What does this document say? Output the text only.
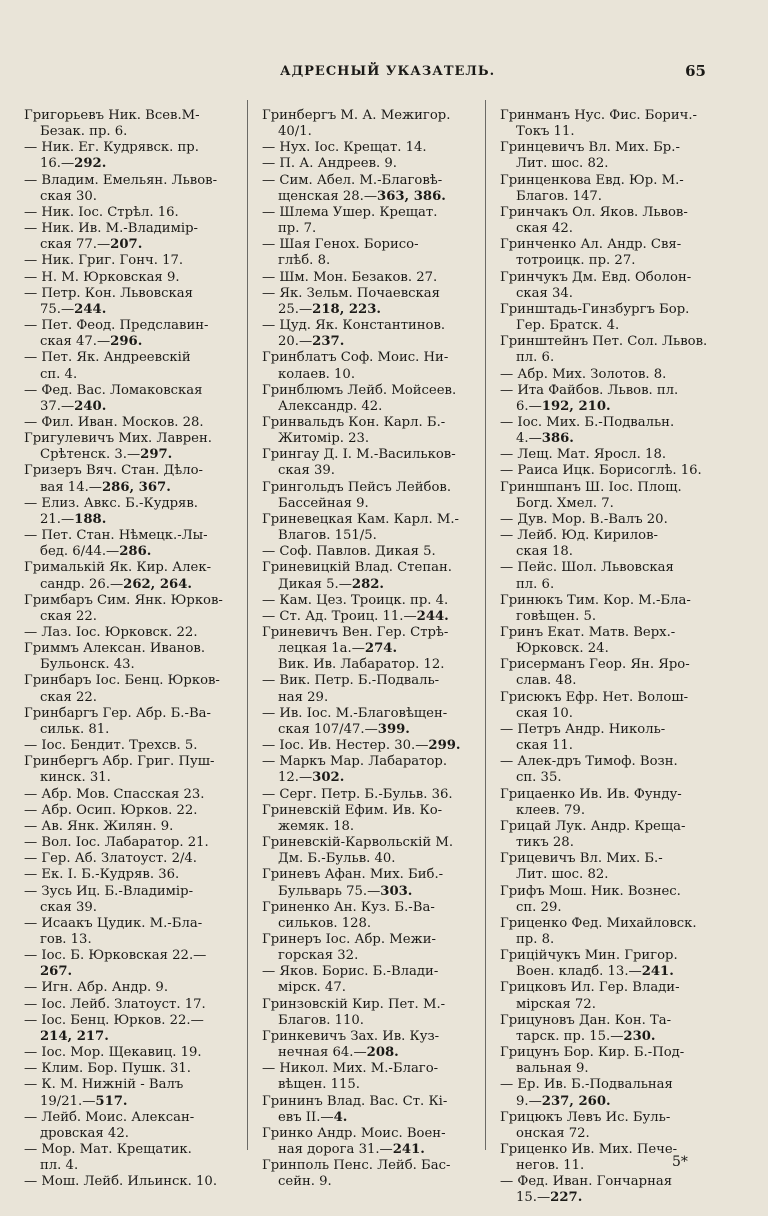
АДРЕСНЫЙ УКАЗАТЕЛЬ.	65
Григорьевъ Ник. Всев.М-
Безак. пр. 6.
— Ник. Ег. Кудрявск. пр.
16.—292.
— Владим. Емельян. Львов-
ская 30.
— Ник. Іос. Стрѣл. 16.
— Ник. Ив. М.-Владимір-
ская 77.—207.
— Ник. Григ. Гонч. 17.
— Н. М. Юрковская 9.
— Петр. Кон. Львовская
75.—244.
— Пет. Феод. Предславин-
ская 47.—296.
— Пет. Як. Андреевскій
сп. 4.
— Фед. Вас. Ломаковская
37.—240.
— Фил. Иван. Москов. 28.
Григулевичъ Мих. Лаврен.
Срѣтенск. 3.—297.
Гризеръ Вяч. Стан. Дѣло-
вая 14.—286, 367.
— Елиз. Авкс. Б.-Кудряв.
21.—188.
— Пет. Стан. Нѣмецк.-Лы-
бед. 6/44.—286.
Грималькій Як. Кир. Алек-
сандр. 26.—262, 264.
Гримбаръ Сим. Янк. Юрков-
ская 22.
— Лаз. Іос. Юрковск. 22.
Гриммъ Алексан. Иванов.
Бульонск. 43.
Гринбаръ Іос. Бенц. Юрков-
ская 22.
Гринбаргъ Гер. Абр. Б.-Ва-
сильк. 81.
— Іос. Бендит. Трехсв. 5.
Гринбергъ Абр. Григ. Пуш-
кинск. 31.
— Абр. Мов. Спасская 23.
— Абр. Осип. Юрков. 22.
— Ав. Янк. Жилян. 9.
— Вол. Іос. Лабаратор. 21.
— Гер. Аб. Златоуст. 2/4.
— Ек. І. Б.-Кудряв. 36.
— Зусь Иц. Б.-Владимір-
ская 39.
— Исаакъ Цудик. М.-Бла-
гов. 13.
— Іос. Б. Юрковская 22.—
267.
— Игн. Абр. Андр. 9.
— Іос. Лейб. Златоуст. 17.
— Іос. Бенц. Юрков. 22.—
214, 217.
— Іос. Мор. Щекавиц. 19.
— Клим. Бор. Пушк. 31.
— К. М. Нижній - Валъ
19/21.—517.
— Лейб. Моис. Алексан-
дровская 42.
— Мор. Мат. Крещатик.
пл. 4.
— Мош. Лейб. Ильинск. 10.
Гринбергъ М. А. Межигор.
40/1.
— Нух. Іос. Крещат. 14.
— П. А. Андреев. 9.
— Сим. Абел. М.-Благовѣ-
щенская 28.—363, 386.
— Шлема Ушер. Крещат.
пр. 7.
— Шая Генох. Борисо-
глѣб. 8.
— Шм. Мон. Безаков. 27.
— Як. Зельм. Почаевская
25.—218, 223.
— Цуд. Як. Константинов.
20.—237.
Гринблатъ Соф. Моис. Ни-
колаев. 10.
Гринблюмъ Лейб. Мойсеев.
Александр. 42.
Гринвальдъ Кон. Карл. Б.-
Житомір. 23.
Грингау Д. І. М.-Васильков-
ская 39.
Грингольдъ Пейсъ Лейбов.
Бассейная 9.
Гриневецкая Кам. Карл. М.-
Влагов. 151/5.
— Соф. Павлов. Дикая 5.
Гриневицкій Влад. Степан.
Дикая 5.—282.
— Кам. Цез. Троицк. пр. 4.
— Ст. Ад. Троиц. 11.—244.
Гриневичъ Вен. Гер. Стрѣ-
лецкая 1а.—274.
Вик. Ив. Лабаратор. 12.
— Вик. Петр. Б.-Подваль-
ная 29.
— Ив. Іос. М.-Благовѣщен-
ская 107/47.—399.
— Іос. Ив. Нестер. 30.—299.
— Маркъ Мар. Лабаратор.
12.—302.
— Серг. Петр. Б.-Бульв. 36.
Гриневскій Ефим. Ив. Ко-
жемяк. 18.
Гриневскій-Карвольскій М.
Дм. Б.-Бульв. 40.
Гриневъ Афан. Мих. Биб.-
Бульварь 75.—303.
Гриненко Ан. Куз. Б.-Ва-
сильков. 128.
Гринеръ Іос. Абр. Межи-
горская 32.
— Яков. Борис. Б.-Влади-
мірск. 47.
Гринзовскій Кир. Пет. М.-
Благов. 110.
Гринкевичъ Зах. Ив. Куз-
нечная 64.—208.
— Никол. Мих. М.-Благо-
вѣщен. 115.
Грининъ Влад. Вас. Ст. Кі-
евъ II.—4.
Гринко Андр. Моис. Воен-
ная дорога 31.—241.
Гринполь Пенс. Лейб. Бас-
сейн. 9.
Гринманъ Нус. Фис. Борич.-
Токъ 11.
Гринцевичъ Вл. Мих. Бр.-
Лит. шос. 82.
Гринценкова Евд. Юр. М.-
Благов. 147.
Гринчакъ Ол. Яков. Львов-
ская 42.
Гринченко Ал. Андр. Свя-
тотроицк. пр. 27.
Гринчукъ Дм. Евд. Оболон-
ская 34.
Гринштадь-Гинзбургъ Бор.
Гер. Братск. 4.
Гринштейнъ Пет. Сол. Львов.
пл. 6.
— Абр. Мих. Золотов. 8.
— Ита Файбов. Львов. пл.
6.—192, 210.
— Іос. Мих. Б.-Подвальн.
4.—386.
— Лещ. Мат. Яросл. 18.
— Раиса Ицк. Борисоглѣ. 16.
Гриншпанъ Ш. Іос. Площ.
Богд. Хмел. 7.
— Дув. Мор. В.-Валъ 20.
— Лейб. Юд. Кирилов-
ская 18.
— Пейс. Шол. Львовская
пл. 6.
Гринюкъ Тим. Кор. М.-Бла-
говѣщен. 5.
Гринъ Екат. Матв. Верх.-
Юрковск. 24.
Грисерманъ Геор. Ян. Яро-
слав. 48.
Грисюкъ Ефр. Нет. Волош-
ская 10.
— Петръ Андр. Николь-
ская 11.
— Алек-дръ Тимоф. Возн.
сп. 35.
Грицаенко Ив. Ив. Фунду-
клеев. 79.
Грицай Лук. Андр. Креща-
тикъ 28.
Грицевичъ Вл. Мих. Б.-
Лит. шос. 82.
Грифъ Мош. Ник. Вознес.
сп. 29.
Гриценко Фед. Михайловск.
пр. 8.
Гриційчукъ Мин. Григор.
Воен. кладб. 13.—241.
Грицковъ Ил. Гер. Влади-
мірская 72.
Грицуновъ Дан. Кон. Та-
тарск. пр. 15.—230.
Грицунъ Бор. Кир. Б.-Под-
вальная 9.
— Ер. Ив. Б.-Подвальная
9.—237, 260.
Грицюкъ Левъ Ис. Буль-
онская 72.
Гриценко Ив. Мих. Пече-
негов. 11.
— Фед. Иван. Гончарная
15.—227.
5*
